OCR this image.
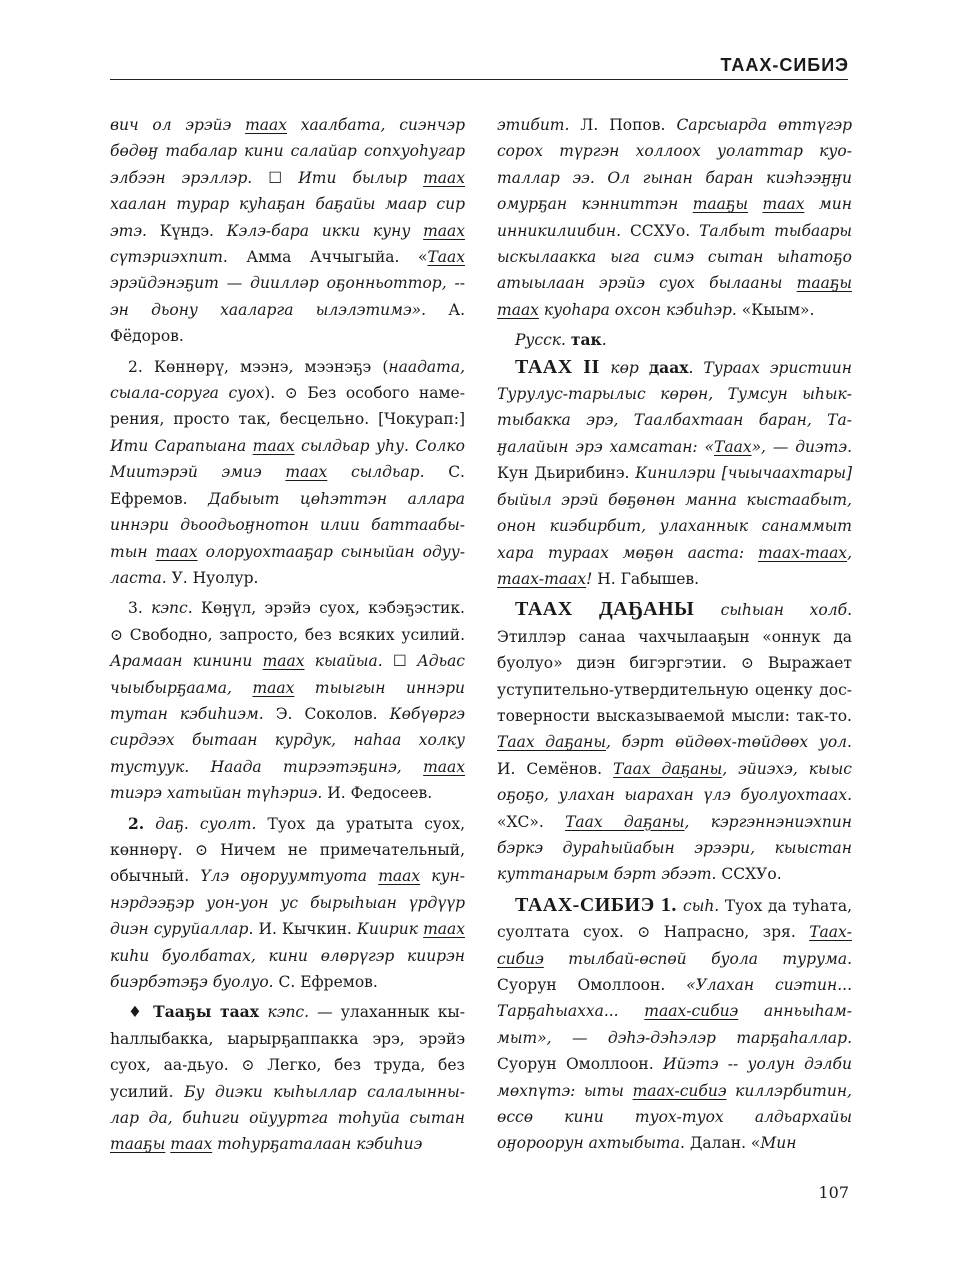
ТААХ-СИБИЭ

вич ол эрэйэ таах хаалбата, сиэнчэр бөдөӈ табалар кини салайар сопхуоһугар элбээн эрэллэр. ☐ Ити былыр таах хаалан турар куһаҕан баҕайы маар сир этэ. Күндэ. Кэлэ-бара икки куну таах сүтэриэхпит. Амма Аччыгыйа. «Таах эрэйдэнэҕит — диилләр оҕонньоттор, -- эн дьону хааларга ылэлэтимэ». А. Фёдоров.

2. Көннөрү, мээнэ, мээнэҕэ (наадата, сыала-соруга суох). ⊙ Без особого намерения, просто так, бесцельно. [Чокурап:] Ити Сарапыана таах сылдьар уһу. Солко Миитэрэй эмиэ таах сылдьар. С. Ефремов. Дабыыт цөһэттэн аллара иннэри дьоодьоӈнотон илии баттаабытын таах олоруохтааҕар сыныйан одууласта. У. Нуолур.

3. кэпс. Көӈүл, эрэйэ суох, кэбэҕэстик. ⊙ Свободно, запросто, без всяких усилий. Арамаан кинини таах кыайыа. ☐ Адьас чыыбырҕаама, таах тыыгын иннэри тутан кэбиһиэм. Э. Соколов. Көбүөргэ сирдээх бытаан курдук, наһаа холку тустуук. Наада тирээтэҕинэ, таах тиэрэ хатыйан түһэриэ. И. Федосеев.

2. даҕ. суолт. Туох да уратыта суох, көннөрү. ⊙ Ничем не примечательный, обычный. Үлэ оӈоруумтуота таах куннэрдээҕэр уон-уон ус бырыһыан үрдүүр диэн суруйаллар. И. Кычкин. Киирик таах киһи буолбатах, кини өлөрүгэр киирэн биэрбэтэҕэ буолуо. С. Ефремов.

♦ Тааҕы таах кэпс. — улаханнык кыһаллыбакка, ыарырҕаппакка эрэ, эрэйэ суох, аа-дьуо. ⊙ Легко, без труда, без усилий. Бу диэки кыһыллар салалыннылар да, биһиги ойууртга тоһуйа сытан тааҕы таах тоһурҕаталаан кэбиһиэ

этибит. Л. Попов. Сарсыарда өттүгэр сорох түргэн холлоох уолаттар куоталлар ээ. Ол гынан баран киэһээӈӈи омурҕан кэнниттэн тааҕы таах мин инникилиибин. ССХУо. Талбыт тыбаары ыскылаакка ыга симэ сытан ыһатоҕо атыылаан эрэйэ суох былааны тааҕы таах куоһара охсон кэбиһэр. «Кыым».

Ρусск. так.

ТААХ II көр даах. Тураах эристиин Турулус-тарылыс көрөн, Тумсун ыһыктыбакка эрэ, Таалбахтаан баран, Таӈалайын эрэ хамсатан: «Таах», — диэтэ. Кун Дьирибинэ. Кинилэри [чыычаахтары] быйыл эрэй бөҕөнөн манна кыстаабыт, онон киэбирбит, улаханнык санаммыт хара тураах мөҕөн ааста: таах-таах, таах-таах! Н. Габышев.

ТААХ ДАҔАНЫ сыһыан холб. Этиллэр санаа чахчылааҕын «оннук да буолуо» диэн бигэргэтии. ⊙ Выражает уступительно-утвердительную оценку достоверности высказываемой мысли: так-то. Таах даҕаны, бэрт өйдөөх-төйдөөх уол. И. Семёнов. Таах даҕаны, эйиэхэ, кыыс оҕоҕо, улахан ыарахан үлэ буолуохтаах. «ХС». Таах даҕаны, кэргэннэниэхпин бэркэ дураһыйабын эрээри, кыыстан куттанарым бэрт эбээт. ССХУо.

ТААХ-СИБИЭ 1. сыһ. Туох да туһата, суолтата суох. ⊙ Напрасно, зря. Таах-сибиэ тылбай-өспөй буола турума. Суорун Омоллоон. «Улахан сиэтин... Тарҕаһыахха... таах-сибиэ анньыһаммыт», — дэһэ-дэһэлэр тарҕаһаллар. Суорун Омоллоон. Ийэтэ -- уолун дэлби мөхпүтэ: ыты таах-сибиэ киллэрбитин, өссө кини туох-туох алдьархайы оӈороорун ахтыбыта. Далан. «Мин

107
